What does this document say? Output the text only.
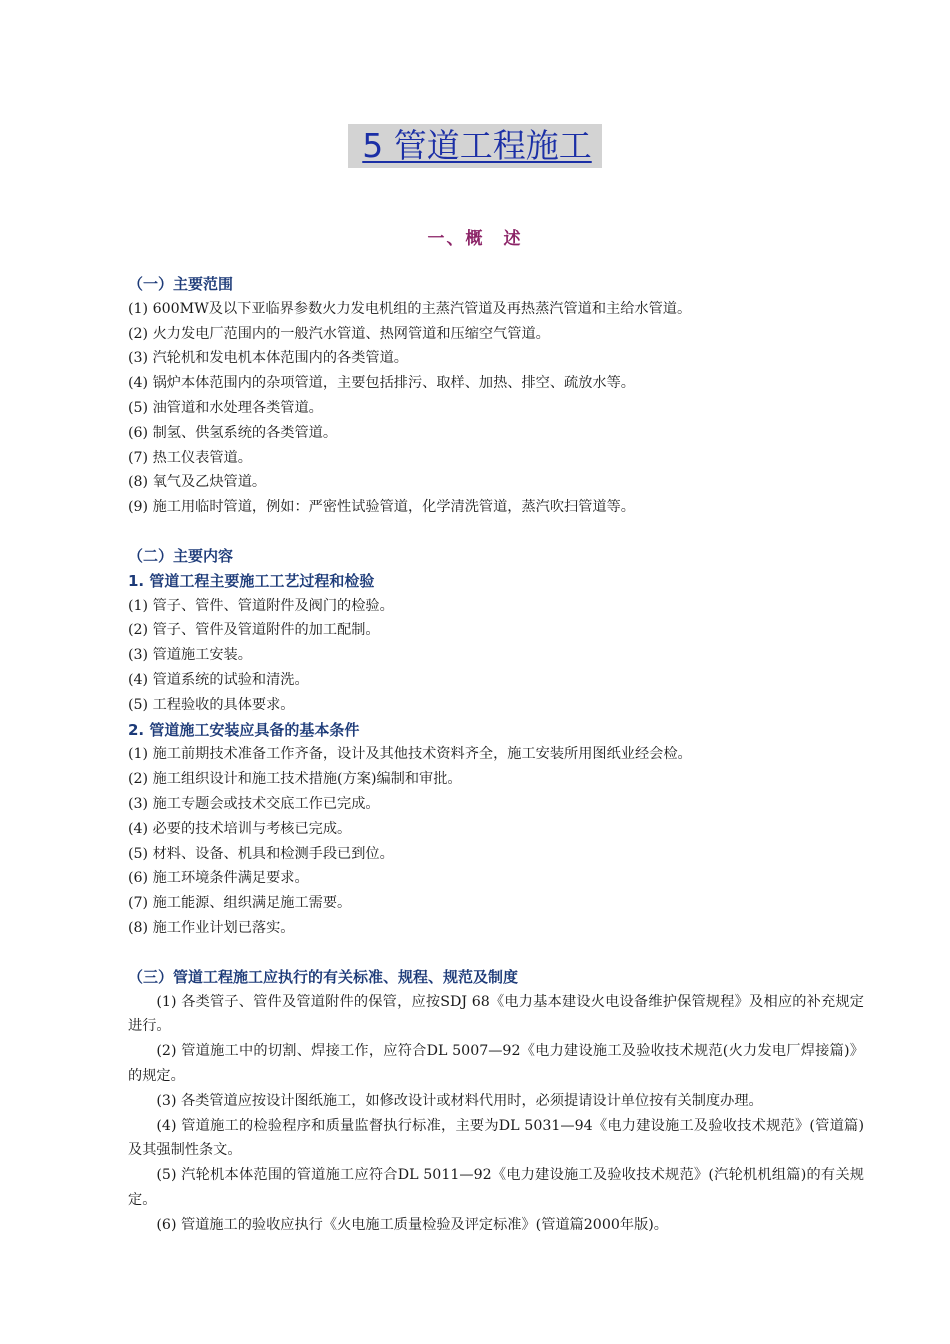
5 管道工程施工
一、概　述
（一）主要范围
(1) 600MW及以下亚临界参数火力发电机组的主蒸汽管道及再热蒸汽管道和主给水管道。
(2) 火力发电厂范围内的一般汽水管道、热网管道和压缩空气管道。
(3) 汽轮机和发电机本体范围内的各类管道。
(4) 锅炉本体范围内的杂项管道，主要包括排污、取样、加热、排空、疏放水等。
(5) 油管道和水处理各类管道。
(6) 制氢、供氢系统的各类管道。
(7) 热工仪表管道。
(8) 氧气及乙炔管道。
(9) 施工用临时管道，例如：严密性试验管道，化学清洗管道，蒸汽吹扫管道等。
（二）主要内容
1. 管道工程主要施工工艺过程和检验
(1) 管子、管件、管道附件及阀门的检验。
(2) 管子、管件及管道附件的加工配制。
(3) 管道施工安装。
(4) 管道系统的试验和清洗。
(5) 工程验收的具体要求。
2. 管道施工安装应具备的基本条件
(1) 施工前期技术准备工作齐备，设计及其他技术资料齐全，施工安装所用图纸业经会检。
(2) 施工组织设计和施工技术措施(方案)编制和审批。
(3) 施工专题会或技术交底工作已完成。
(4) 必要的技术培训与考核已完成。
(5) 材料、设备、机具和检测手段已到位。
(6) 施工环境条件满足要求。
(7) 施工能源、组织满足施工需要。
(8) 施工作业计划已落实。
（三）管道工程施工应执行的有关标准、规程、规范及制度
(1) 各类管子、管件及管道附件的保管，应按SDJ 68《电力基本建设火电设备维护保管规程》及相应的补充规定进行。
(2) 管道施工中的切割、焊接工作，应符合DL 5007—92《电力建设施工及验收技术规范(火力发电厂焊接篇)》的规定。
(3) 各类管道应按设计图纸施工，如修改设计或材料代用时，必须提请设计单位按有关制度办理。
(4) 管道施工的检验程序和质量监督执行标准，主要为DL 5031—94《电力建设施工及验收技术规范》(管道篇)及其强制性条文。
(5) 汽轮机本体范围的管道施工应符合DL 5011—92《电力建设施工及验收技术规范》(汽轮机机组篇)的有关规定。
(6) 管道施工的验收应执行《火电施工质量检验及评定标准》(管道篇2000年版)。
